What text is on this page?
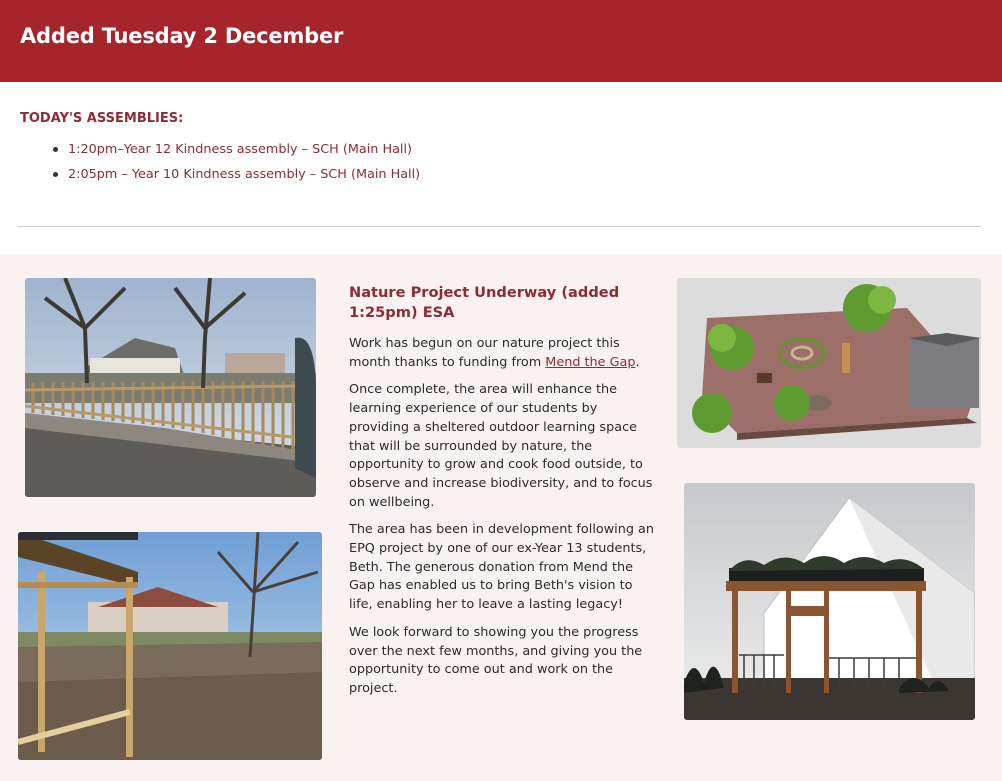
Added Tuesday 2 December
TODAY'S ASSEMBLIES:
1:20pm–Year 12 Kindness assembly – SCH (Main Hall)
2:05pm – Year 10 Kindness assembly – SCH (Main Hall)
Nature Project Underway (added 1:25pm) ESA

Work has begun on our nature project this month thanks to funding from Mend the Gap.

Once complete, the area will enhance the learning experience of our students by providing a sheltered outdoor learning space that will be surrounded by nature, the opportunity to grow and cook food outside, to observe and increase biodiversity, and to focus on wellbeing.

The area has been in development following an EPQ project by one of our ex-Year 13 students, Beth. The generous donation from Mend the Gap has enabled us to bring Beth's vision to life, enabling her to leave a lasting legacy!

We look forward to showing you the progress over the next few months, and giving you the opportunity to come out and work on the project.
